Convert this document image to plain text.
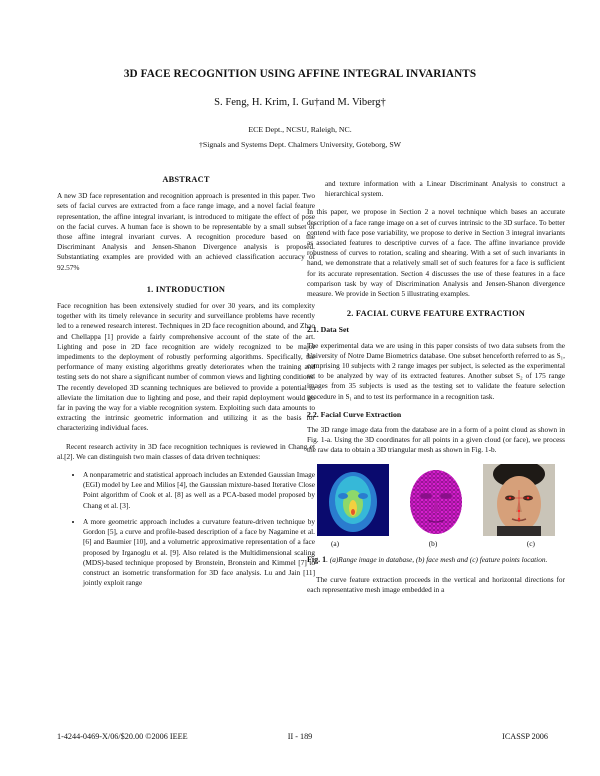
3D FACE RECOGNITION USING AFFINE INTEGRAL INVARIANTS
S. Feng, H. Krim, I. Gu†and M. Viberg†
ECE Dept., NCSU, Raleigh, NC.
†Signals and Systems Dept. Chalmers University, Goteborg, SW
ABSTRACT

A new 3D face representation and recognition approach is presented in this paper. Two sets of facial curves are extracted from a face range image, and a novel facial feature representation, the affine integral invariant, is introduced to mitigate the effect of pose on the facial curves. A human face is shown to be representable by a small subset of those affine integral invariant curves. A recognition procedure based on the Discriminant Analysis and Jensen-Shanon Divergence analysis is proposed. Substantiating examples are provided with an achieved classification accuracy of 92.57%

1. INTRODUCTION

Face recognition has been extensively studied for over 30 years, and its complexity together with its timely relevance in security and surveillance problems have recently led to a renewed research interest. Techniques in 2D face recognition abound, and Zhao and Chellappa [1] provide a fairly comprehensive account of the state of the art. Lighting and pose in 2D face recognition are widely recognized to be major impediments to the deployment of robustly performing algorithms. Specifically, the performance of many existing algorithms greatly deteriorates when the training and testing sets do not share a significant number of common views and lighting conditions. The recently developed 3D scanning techniques are believed to provide a potential to alleviate the limitation due to lighting and pose, and their rapid deployment would go far in paving the way for a viable recognition system. Exploiting such data amounts to extracting the intrinsic geometric information and utilizing it as the basis for characterizing individual faces.

Recent research activity in 3D face recognition techniques is reviewed in Chang et al.[2]. We can distinguish two main classes of data driven techniques:

• A nonparametric and statistical approach includes an Extended Gaussian Image (EGI) model by Lee and Milios [4], the Gaussian mixture-based Iterative Close Point algorithm of Cook et al. [8] as well as a PCA-based model proposed by Chang et al. [3].
• A more geometric approach includes a curvature feature-driven technique by Gordon [5], a curve and profile-based description of a face by Nagamine et al.[6] and Baumier [10], and a volumetric approximative representation of a face proposed by Irganoglu et al. [9]. Also related is the Multidimensional scaling (MDS)-based technique proposed by Bronstein, Bronstein and Kimmel [7] to construct an isometric transformation for 3D face analysis. Lu and Jain [11] jointly exploit range

and texture information with a Linear Discriminant Analysis to construct a hierarchical system.

In this paper, we propose in Section 2 a novel technique which bases an accurate description of a face range image on a set of curves intrinsic to the 3D surface. To better contend with face pose variability, we propose to derive in Section 3 integral invariants as associated features to descriptive curves of a face. The affine invariance provide robustness of curves to rotation, scaling and shearing. With a set of such invariants in hand, we demonstrate that a relatively small set of such features for a face is sufficient for its accurate representation. Section 4 discusses the use of these features in a face comparison task by way of Discrimination Analysis and Jensen-Shanon divergence measure. We provide in Section 5 illustrating examples.

2. FACIAL CURVE FEATURE EXTRACTION
2.1. Data Set

The experimental data we are using in this paper consists of two data subsets from the University of Notre Dame Biometrics database. One subset henceforth referred to as S₁, comprising 10 subjects with 2 range images per subject, is selected as the experimental set to be analyzed by way of its extracted features. Another subset S₂ of 175 range images from 35 subjects is used as the testing set to validate the feature selection procedure in S₁ and to test its performance in a recognition task.

2.2. Facial Curve Extraction

The 3D range image data from the database are in a form of a point cloud as shown in Fig. 1-a. Using the 3D coordinates for all points in a given cloud (or face), we process the raw data to obtain a 3D triangular mesh as shown in Fig. 1-b.

(a)	(b)	(c)
Fig. 1. (a)Range image in database, (b) face mesh and (c) feature points location.

The curve feature extraction proceeds in the vertical and horizontal directions for each representative mesh image embedded in a

1-4244-0469-X/06/$20.00 ©2006 IEEE	II - 189	ICASSP 2006
